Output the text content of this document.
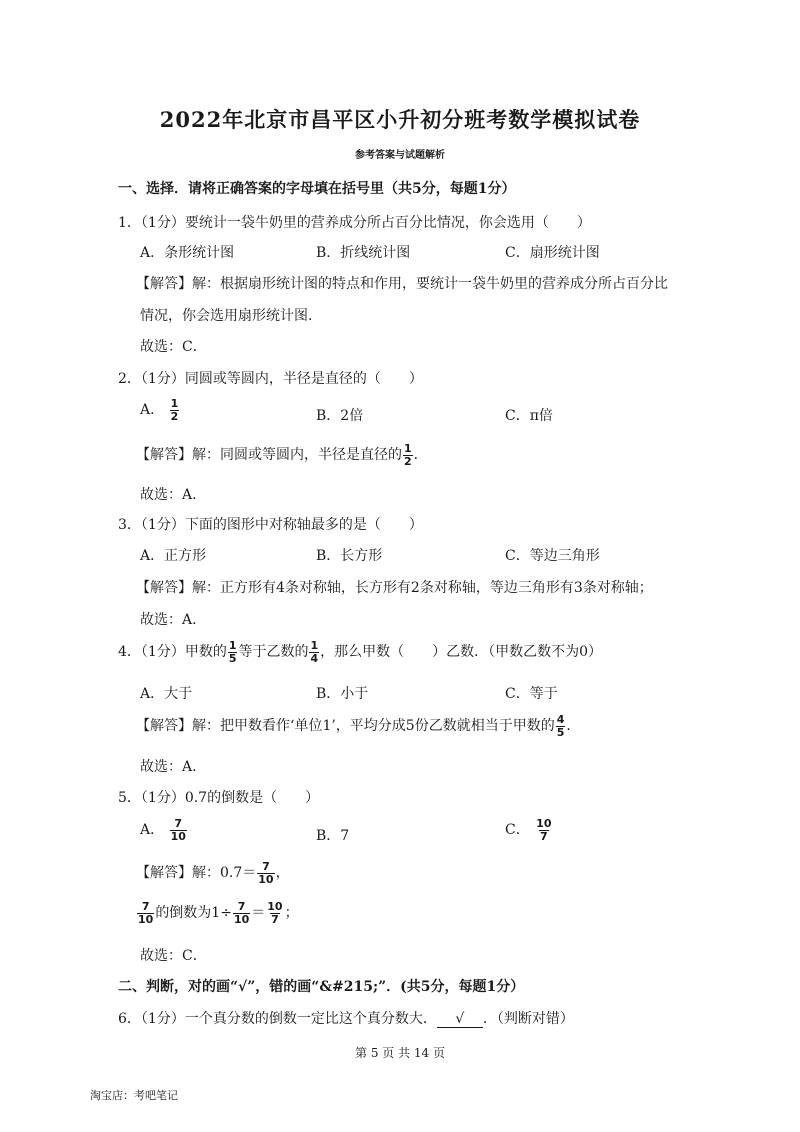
2022年北京市昌平区小升初分班考数学模拟试卷
参考答案与试题解析
一、选择．请将正确答案的字母填在括号里（共5分，每题1分）
1．（1分）要统计一袋牛奶里的营养成分所占百分比情况，你会选用（　　）
A．条形统计图	B．折线统计图	C．扇形统计图
【解答】解：根据扇形统计图的特点和作用，要统计一袋牛奶里的营养成分所占百分比
情况，你会选用扇形统计图．
故选：C．
2．（1分）同圆或等圆内，半径是直径的（　　）
A． $\frac{1}{2}$	B．2倍	C．π倍
【解答】解：同圆或等圆内，半径是直径的 $\frac{1}{2}$ ．
故选：A．
3．（1分）下面的图形中对称轴最多的是（　　）
A．正方形	B．长方形	C．等边三角形
【解答】解：正方形有4条对称轴，长方形有2条对称轴，等边三角形有3条对称轴；
故选：A．
4．（1分）甲数的 $\frac{1}{5}$ 等于乙数的 $\frac{1}{4}$ ，那么甲数（　　）乙数．（甲数乙数不为0）
A．大于	B．小于	C．等于
【解答】解：把甲数看作‘单位1’，平均分成5份乙数就相当于甲数的 $\frac{4}{5}$ ．
故选：A．
5．（1分）0.7的倒数是（　　）
A． $\frac{7}{10}$	B．7	C． $\frac{10}{7}$
【解答】解：$0.7= \frac{7}{10}$ ，
$\frac{7}{10}$ 的倒数为$1\div \frac{7}{10} = \frac{10}{7}$ ；
故选：C．
二、判断，对的画“√”，错的画“&#215;”．(共5分，每题1分）
6．（1分）一个真分数的倒数一定比这个真分数大． √ ．（判断对错）
第 5 页 共 14 页
淘宝店：考吧笔记
